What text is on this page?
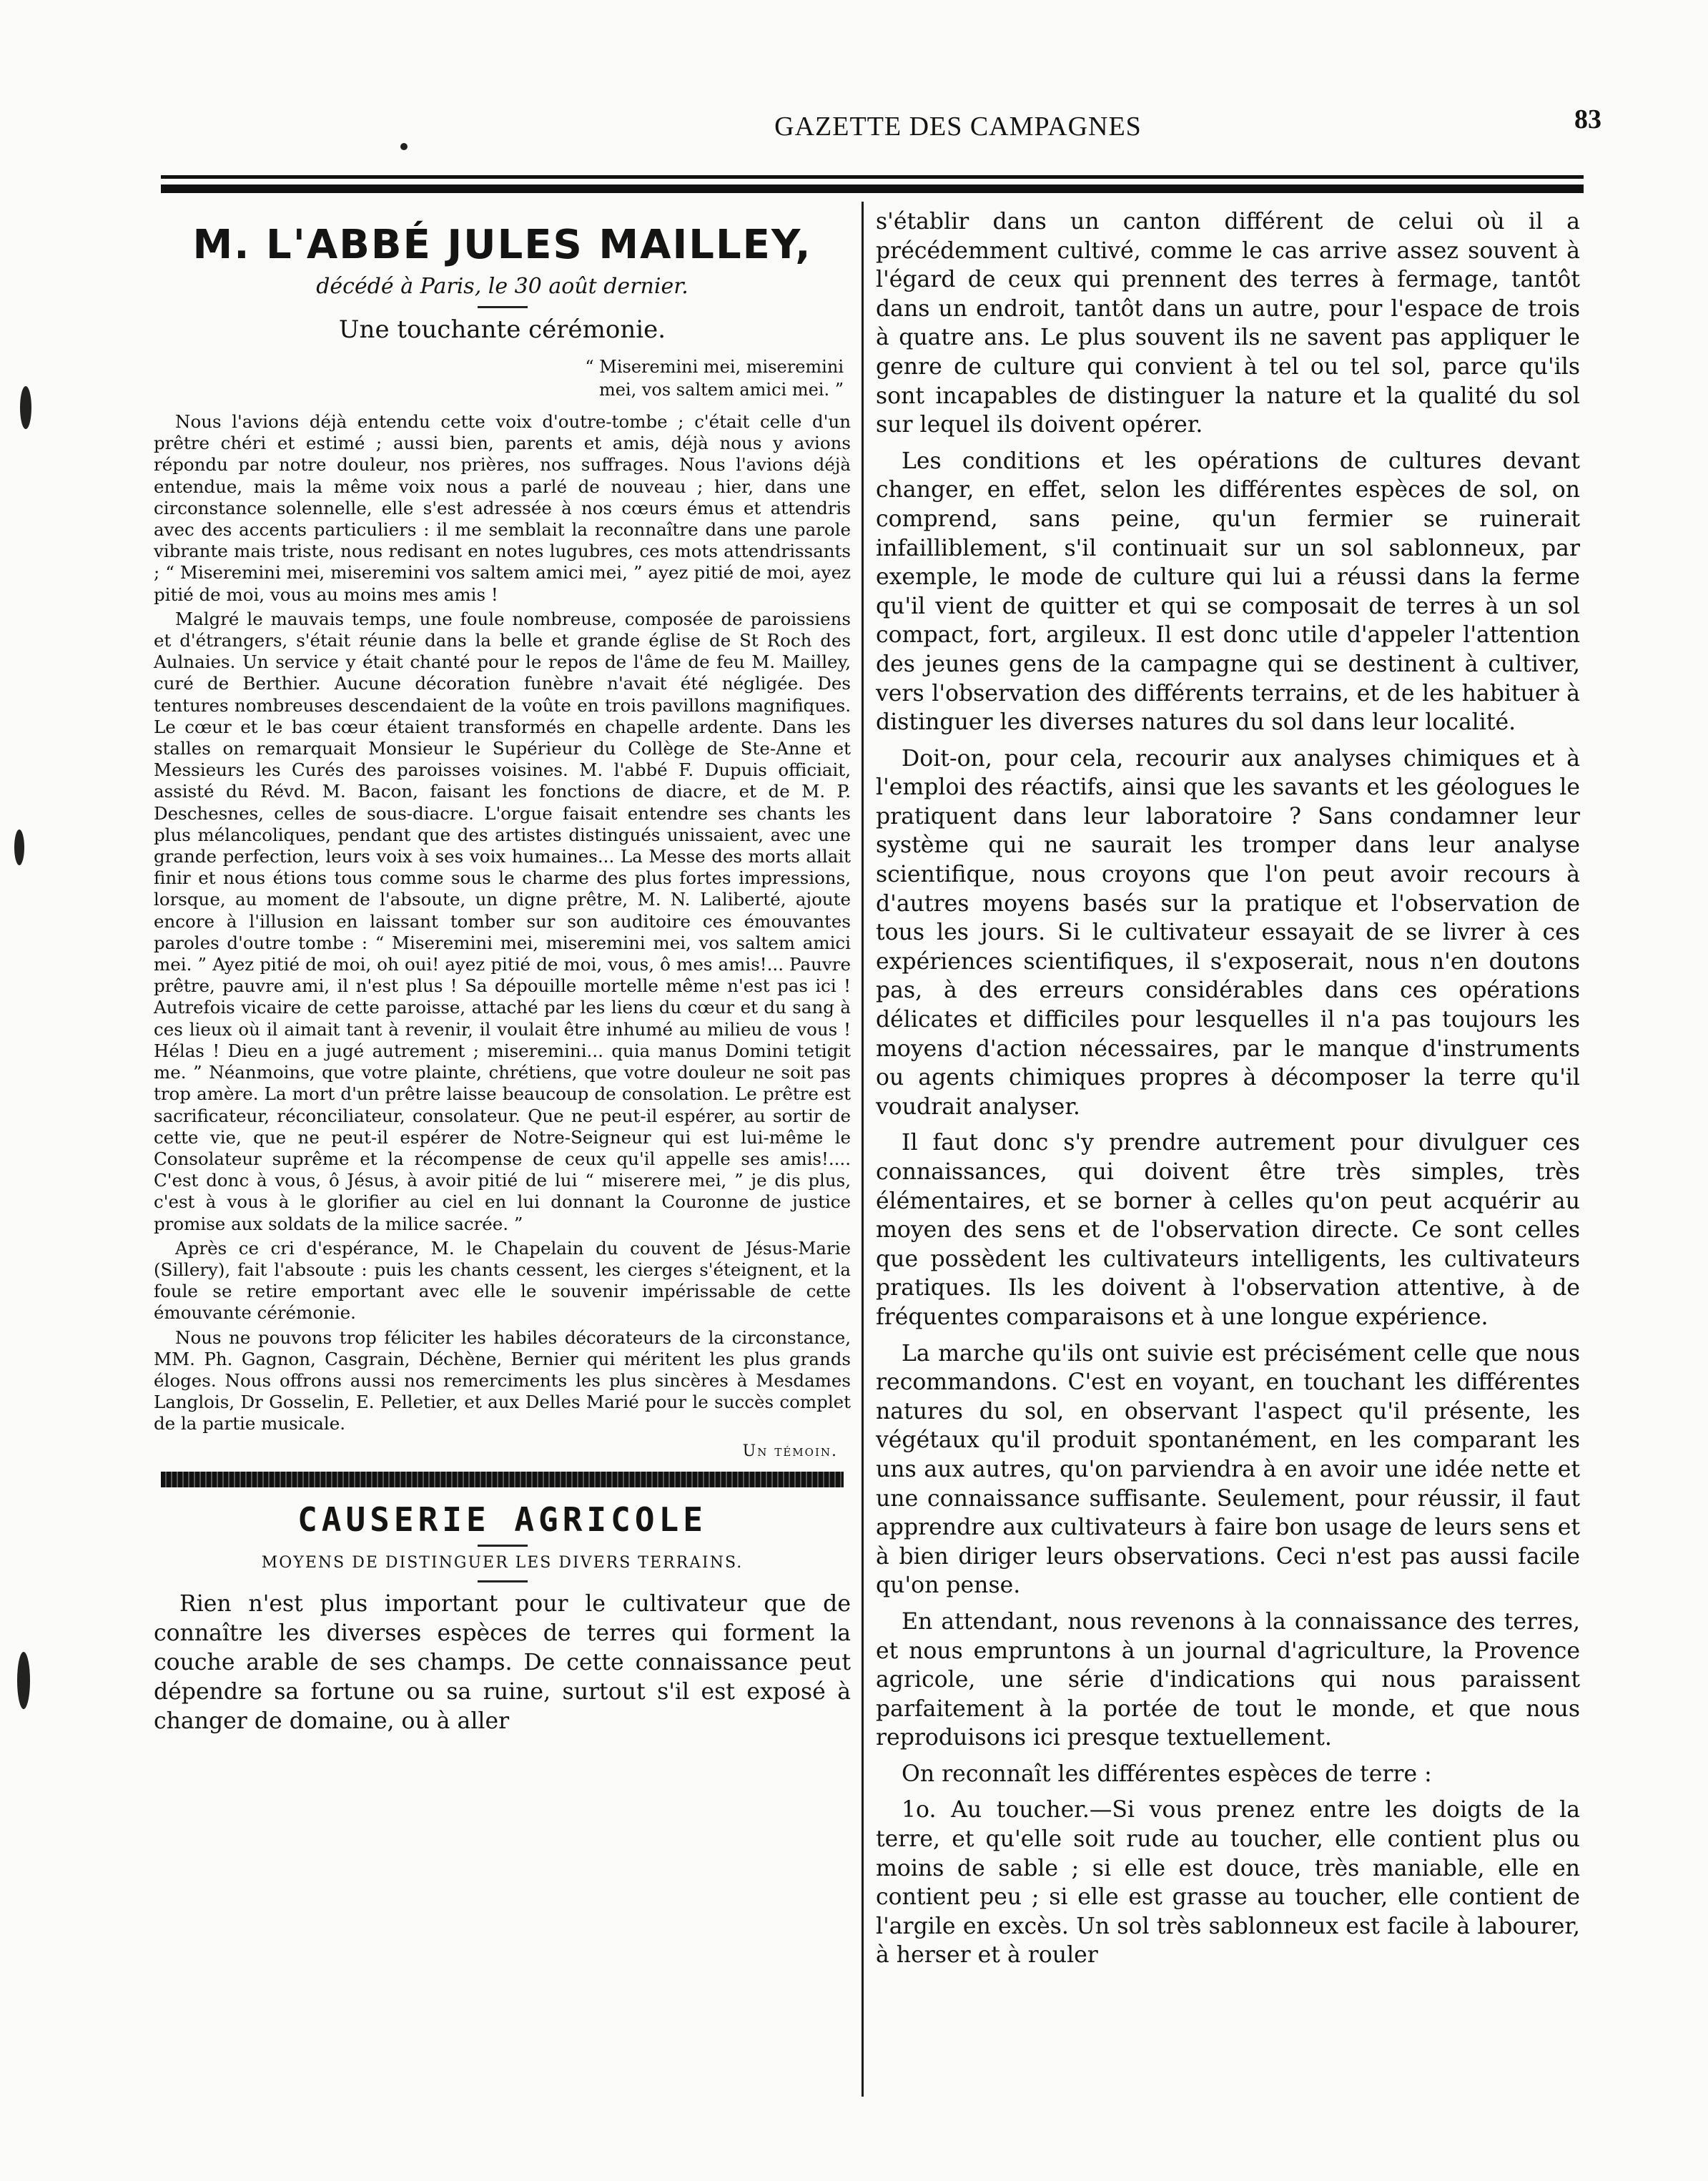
GAZETTE DES CAMPAGNES	83
M. L'ABBÉ JULES MAILLEY,
décédé à Paris, le 30 août dernier.
Une touchante cérémonie.
“ Miseremini mei, miseremini
mei, vos saltem amici mei. ”

Nous l'avions déjà entendu cette voix d'outre-tombe ; c'était celle d'un prêtre chéri et estimé ; aussi bien, parents et amis, déjà nous y avions répondu par notre douleur, nos prières, nos suffrages. Nous l'avions déjà entendue, mais la même voix nous a parlé de nouveau ; hier, dans une circonstance solennelle, elle s'est adressée à nos cœurs émus et attendris avec des accents particuliers : il me semblait la reconnaître dans une parole vibrante mais triste, nous redisant en notes lugubres, ces mots attendrissants ; “ Miseremini mei, miseremini vos saltem amici mei, ” ayez pitié de moi, ayez pitié de moi, vous au moins mes amis !

Malgré le mauvais temps, une foule nombreuse, composée de paroissiens et d'étrangers, s'était réunie dans la belle et grande église de St Roch des Aulnaies. Un service y était chanté pour le repos de l'âme de feu M. Mailley, curé de Berthier. Aucune décoration funèbre n'avait été négligée. Des tentures nombreuses descendaient de la voûte en trois pavillons magnifiques. Le cœur et le bas cœur étaient transformés en chapelle ardente. Dans les stalles on remarquait Monsieur le Supérieur du Collège de Ste-Anne et Messieurs les Curés des paroisses voisines. M. l'abbé F. Dupuis officiait, assisté du Révd. M. Bacon, faisant les fonctions de diacre, et de M. P. Deschesnes, celles de sous-diacre. L'orgue faisait entendre ses chants les plus mélancoliques, pendant que des artistes distingués unissaient, avec une grande perfection, leurs voix à ses voix humaines... La Messe des morts allait finir et nous étions tous comme sous le charme des plus fortes impressions, lorsque, au moment de l'absoute, un digne prêtre, M. N. Laliberté, ajoute encore à l'illusion en laissant tomber sur son auditoire ces émouvantes paroles d'outre tombe : “ Miseremini mei, miseremini mei, vos saltem amici mei. ” Ayez pitié de moi, oh oui! ayez pitié de moi, vous, ô mes amis!... Pauvre prêtre, pauvre ami, il n'est plus ! Sa dépouille mortelle même n'est pas ici ! Autrefois vicaire de cette paroisse, attaché par les liens du cœur et du sang à ces lieux où il aimait tant à revenir, il voulait être inhumé au milieu de vous ! Hélas ! Dieu en a jugé autrement ; miseremini... quia manus Domini tetigit me. ” Néanmoins, que votre plainte, chrétiens, que votre douleur ne soit pas trop amère. La mort d'un prêtre laisse beaucoup de consolation. Le prêtre est sacrificateur, réconciliateur, consolateur. Que ne peut-il espérer, au sortir de cette vie, que ne peut-il espérer de Notre-Seigneur qui est lui-même le Consolateur suprême et la récompense de ceux qu'il appelle ses amis!.... C'est donc à vous, ô Jésus, à avoir pitié de lui “ miserere mei, ” je dis plus, c'est à vous à le glorifier au ciel en lui donnant la Couronne de justice promise aux soldats de la milice sacrée. ”

Après ce cri d'espérance, M. le Chapelain du couvent de Jésus-Marie (Sillery), fait l'absoute : puis les chants cessent, les cierges s'éteignent, et la foule se retire emportant avec elle le souvenir impérissable de cette émouvante cérémonie.

Nous ne pouvons trop féliciter les habiles décorateurs de la circonstance, MM. Ph. Gagnon, Casgrain, Déchène, Bernier qui méritent les plus grands éloges. Nous offrons aussi nos remerciments les plus sincères à Mesdames Langlois, Dr Gosselin, E. Pelletier, et aux Delles Marié pour le succès complet de la partie musicale.

Un témoin.
CAUSERIE AGRICOLE
MOYENS DE DISTINGUER LES DIVERS TERRAINS.

Rien n'est plus important pour le cultivateur que de connaître les diverses espèces de terres qui forment la couche arable de ses champs. De cette connaissance peut dépendre sa fortune ou sa ruine, surtout s'il est exposé à changer de domaine, ou à aller

s'établir dans un canton différent de celui où il a précédemment cultivé, comme le cas arrive assez souvent à l'égard de ceux qui prennent des terres à fermage, tantôt dans un endroit, tantôt dans un autre, pour l'espace de trois à quatre ans. Le plus souvent ils ne savent pas appliquer le genre de culture qui convient à tel ou tel sol, parce qu'ils sont incapables de distinguer la nature et la qualité du sol sur lequel ils doivent opérer.

Les conditions et les opérations de cultures devant changer, en effet, selon les différentes espèces de sol, on comprend, sans peine, qu'un fermier se ruinerait infailliblement, s'il continuait sur un sol sablonneux, par exemple, le mode de culture qui lui a réussi dans la ferme qu'il vient de quitter et qui se composait de terres à un sol compact, fort, argileux. Il est donc utile d'appeler l'attention des jeunes gens de la campagne qui se destinent à cultiver, vers l'observation des différents terrains, et de les habituer à distinguer les diverses natures du sol dans leur localité.

Doit-on, pour cela, recourir aux analyses chimiques et à l'emploi des réactifs, ainsi que les savants et les géologues le pratiquent dans leur laboratoire ? Sans condamner leur système qui ne saurait les tromper dans leur analyse scientifique, nous croyons que l'on peut avoir recours à d'autres moyens basés sur la pratique et l'observation de tous les jours. Si le cultivateur essayait de se livrer à ces expériences scientifiques, il s'exposerait, nous n'en doutons pas, à des erreurs considérables dans ces opérations délicates et difficiles pour lesquelles il n'a pas toujours les moyens d'action nécessaires, par le manque d'instruments ou agents chimiques propres à décomposer la terre qu'il voudrait analyser.

Il faut donc s'y prendre autrement pour divulguer ces connaissances, qui doivent être très simples, très élémentaires, et se borner à celles qu'on peut acquérir au moyen des sens et de l'observation directe. Ce sont celles que possèdent les cultivateurs intelligents, les cultivateurs pratiques. Ils les doivent à l'observation attentive, à de fréquentes comparaisons et à une longue expérience.

La marche qu'ils ont suivie est précisément celle que nous recommandons. C'est en voyant, en touchant les différentes natures du sol, en observant l'aspect qu'il présente, les végétaux qu'il produit spontanément, en les comparant les uns aux autres, qu'on parviendra à en avoir une idée nette et une connaissance suffisante. Seulement, pour réussir, il faut apprendre aux cultivateurs à faire bon usage de leurs sens et à bien diriger leurs observations. Ceci n'est pas aussi facile qu'on pense.

En attendant, nous revenons à la connaissance des terres, et nous empruntons à un journal d'agriculture, la Provence agricole, une série d'indications qui nous paraissent parfaitement à la portée de tout le monde, et que nous reproduisons ici presque textuellement.

On reconnaît les différentes espèces de terre :

1o. Au toucher.—Si vous prenez entre les doigts de la terre, et qu'elle soit rude au toucher, elle contient plus ou moins de sable ; si elle est douce, très maniable, elle en contient peu ; si elle est grasse au toucher, elle contient de l'argile en excès. Un sol très sablonneux est facile à labourer, à herser et à rouler
